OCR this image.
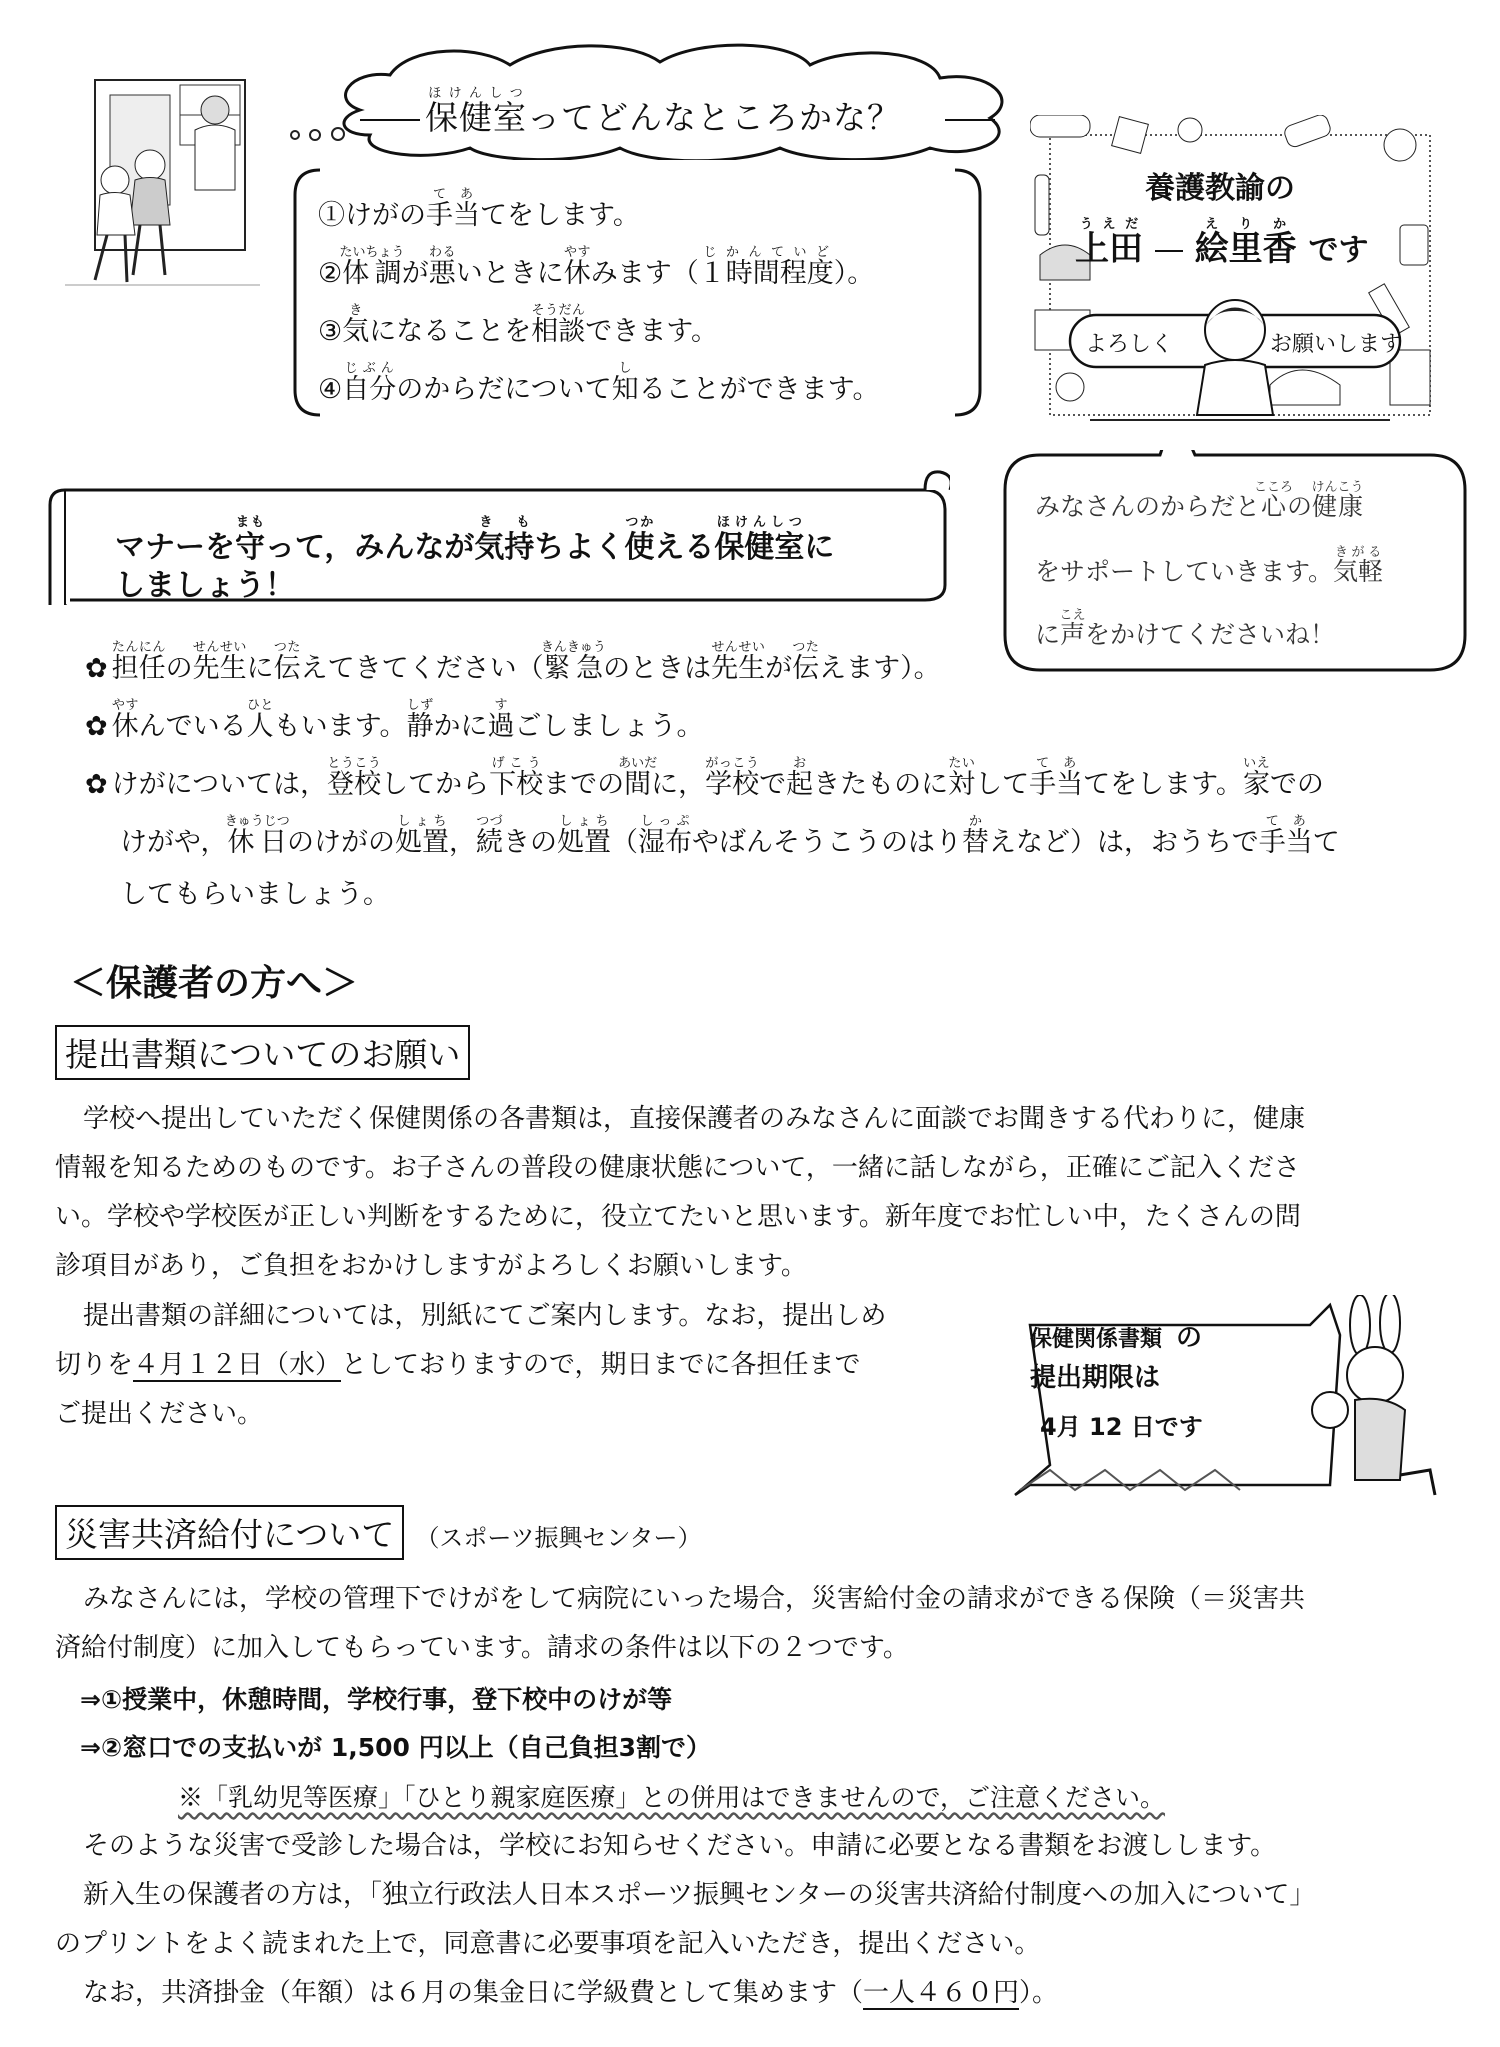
保健室ほけんしつってどんなところかな？
①けがの手て当あてをします。
②体調たいちょうが悪わるいときに休やすみます（１時間程度じかんていど）。
③気きになることを相談そうだんできます。
④自分じぶんのからだについて知しることができます。
養護教諭の
上田うえだ  絵里香えりか です
よろしく	お願いします
みなさんのからだと心こころの健康けんこう
をサポートしていきます。気軽きがる
に声こえをかけてくださいね！
マナーを守まもって，みんなが気持き もちよく使つかえる保健室ほけんしつに
しましょう！
✿ 担任たんにんの先生せんせいに伝つたえてきてください（緊急きんきゅうのときは先生せんせいが伝つたえます）。
✿ 休やすんでいる人ひともいます。静しずかに過すごしましょう。
✿ けがについては，登校とうこうしてから下校げこうまでの間あいだに，学校がっこうで起おきたものに対たいして手て当あてをします。家いえでの
けがや，休日きゅうじつのけがの処置しょち，続つづきの処置しょち（湿布しっぷやばんそうこうのはり替かえなど）は，おうちで手て当あて
してもらいましょう。
＜保護者の方へ＞
提出書類についてのお願い
学校へ提出していただく保健関係の各書類は，直接保護者のみなさんに面談でお聞きする代わりに，健康
情報を知るためのものです。お子さんの普段の健康状態について，一緒に話しながら，正確にご記入くださ
い。学校や学校医が正しい判断をするために，役立てたいと思います。新年度でお忙しい中，たくさんの問
診項目があり，ご負担をおかけしますがよろしくお願いします。
提出書類の詳細については，別紙にてご案内します。なお，提出しめ
切りを４月１２日（水）としておりますので，期日までに各担任まで
ご提出ください。
保健関係書類 の
提出期限は
4月 12 日です
災害共済給付について （スポーツ振興センター）
みなさんには，学校の管理下でけがをして病院にいった場合，災害給付金の請求ができる保険（＝災害共
済給付制度）に加入してもらっています。請求の条件は以下の２つです。
⇒①授業中，休憩時間，学校行事，登下校中のけが等
⇒②窓口での支払いが 1,500 円以上（自己負担3割で）
※「乳幼児等医療」「ひとり親家庭医療」との併用はできませんので，ご注意ください。
そのような災害で受診した場合は，学校にお知らせください。申請に必要となる書類をお渡しします。
新入生の保護者の方は，「独立行政法人日本スポーツ振興センターの災害共済給付制度への加入について」
のプリントをよく読まれた上で，同意書に必要事項を記入いただき，提出ください。
なお，共済掛金（年額）は６月の集金日に学級費として集めます（一人４６０円）。
